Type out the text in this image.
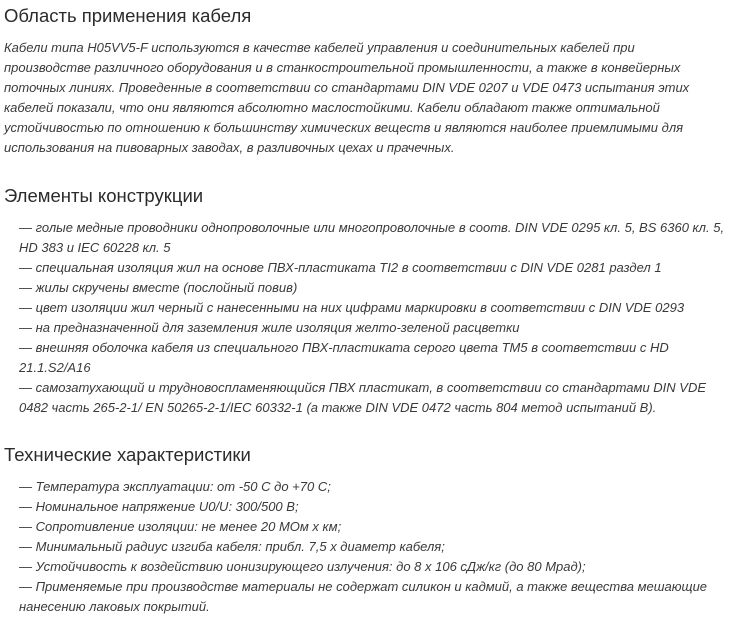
Область применения кабеля

Кабели типа H05VV5-F используются в качестве кабелей управления и соединительных кабелей при производстве различного оборудования и в станкостроительной промышленности, а также в конвейерных поточных линиях. Проведенные в соответствии со стандартами DIN VDE 0207 и VDE 0473 испытания этих кабелей показали, что они являются абсолютно маслостойкими. Кабели обладают также оптимальной устойчивостью по отношению к большинству химических веществ и являются наиболее приемлимыми для использования на пивоварных заводах, в разливочных цехах и прачечных.

Элементы конструкции
— голые медные проводники однопроволочные или многопроволочные в соотв. DIN VDE 0295 кл. 5, BS 6360 кл. 5, HD 383 и IEC 60228 кл. 5
— специальная изоляция жил на основе ПВХ-пластиката TI2 в соответствии с DIN VDE 0281 раздел 1
— жилы скручены вместе (послойный повив)
— цвет изоляции жил черный с нанесенными на них цифрами маркировки в соответствии с DIN VDE 0293
— на предназначенной для заземления жиле изоляция желто-зеленой расцветки
— внешняя оболочка кабеля из специального ПВХ-пластиката серого цвета TM5 в соответствии с HD 21.1.S2/A16
— самозатухающий и трудновоспламеняющийся ПВХ пластикат, в соответствии со стандартами DIN VDE 0482 часть 265-2-1/ EN 50265-2-1/IEC 60332-1 (а также DIN VDE 0472 часть 804 метод испытаний B).
Технические характеристики
— Температура эксплуатации: от -50 C до +70 C;
— Номинальное напряжение U0/U: 300/500 В;
— Сопротивление изоляции: не менее 20 МОм х км;
— Минимальный радиус изгиба кабеля: прибл. 7,5 х диаметр кабеля;
— Устойчивость к воздействию ионизирующего излучения: до 8 х 106 сДж/кг (до 80 Мрад);
— Применяемые при производстве материалы не содержат силикон и кадмий, а также вещества мешающие нанесению лаковых покрытий.
